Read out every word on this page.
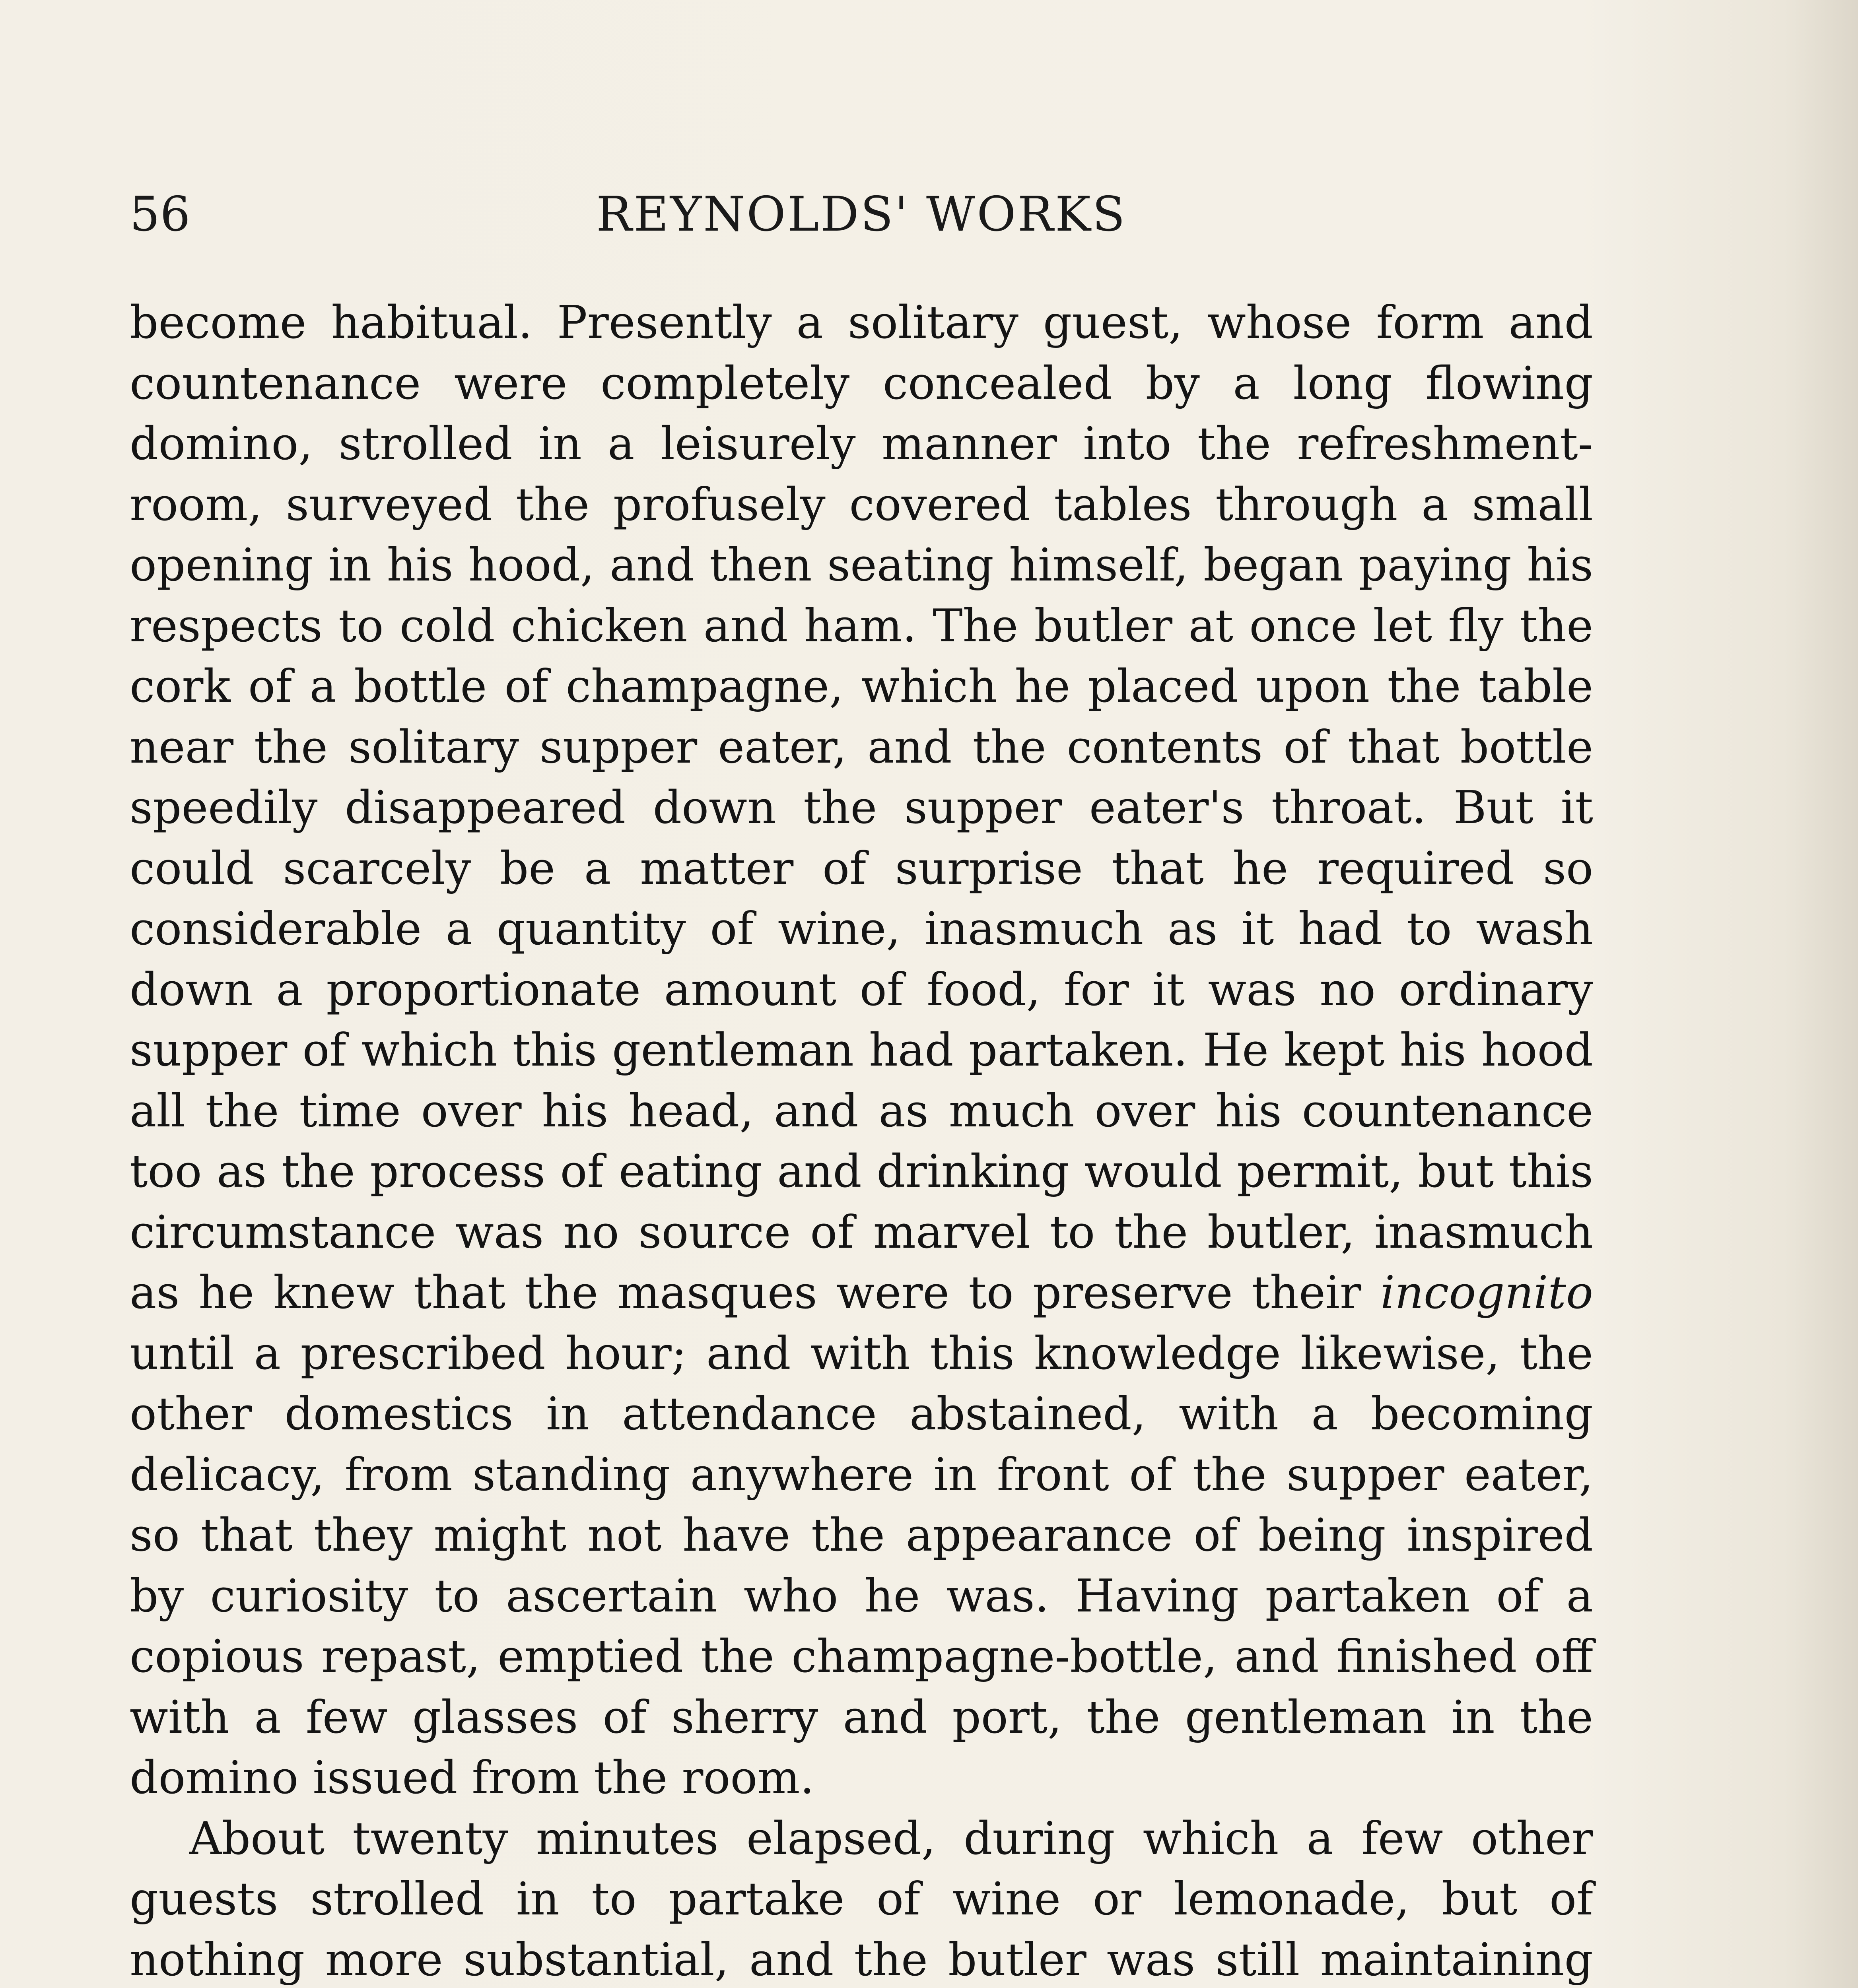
56	REYNOLDS' WORKS

become habitual. Presently a solitary guest, whose form and countenance were completely concealed by a long flowing domino, strolled in a leisurely manner into the refreshment-room, surveyed the profusely covered tables through a small opening in his hood, and then seating himself, began paying his respects to cold chicken and ham. The butler at once let fly the cork of a bottle of champagne, which he placed upon the table near the solitary supper eater, and the contents of that bottle speedily disappeared down the supper eater's throat. But it could scarcely be a matter of surprise that he required so considerable a quantity of wine, inasmuch as it had to wash down a proportionate amount of food, for it was no ordinary supper of which this gentleman had partaken. He kept his hood all the time over his head, and as much over his countenance too as the process of eating and drinking would permit, but this circumstance was no source of marvel to the butler, inasmuch as he knew that the masques were to preserve their incognito until a prescribed hour; and with this knowledge likewise, the other domestics in attendance abstained, with a becoming delicacy, from standing anywhere in front of the supper eater, so that they might not have the appearance of being inspired by curiosity to ascertain who he was. Having partaken of a copious repast, emptied the champagne-bottle, and finished off with a few glasses of sherry and port, the gentleman in the domino issued from the room.

About twenty minutes elapsed, during which a few other guests strolled in to partake of wine or lemonade, but of nothing more substantial, and the butler was still maintaining
